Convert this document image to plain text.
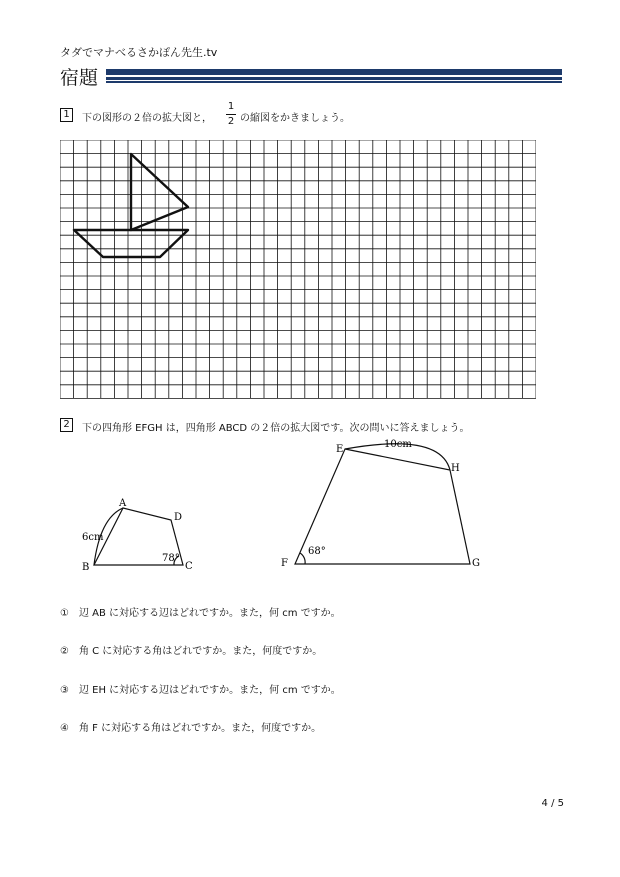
タダでマナべるさかぽん先生.tv
宿題
1	下の図形の２倍の拡大図と，
1
2 の縮図をかきましょう。
2	下の四角形 EFGH は，四角形 ABCD の２倍の拡大図です。次の問いに答えましょう。
A
D
C
B
6cm
78°
E
H
G
F
10cm
68°
①　辺 AB に対応する辺はどれですか。また，何 cm ですか。
②　角 C に対応する角はどれですか。また，何度ですか。
③　辺 EH に対応する辺はどれですか。また，何 cm ですか。
④　角 F に対応する角はどれですか。また，何度ですか。
4 / 5
